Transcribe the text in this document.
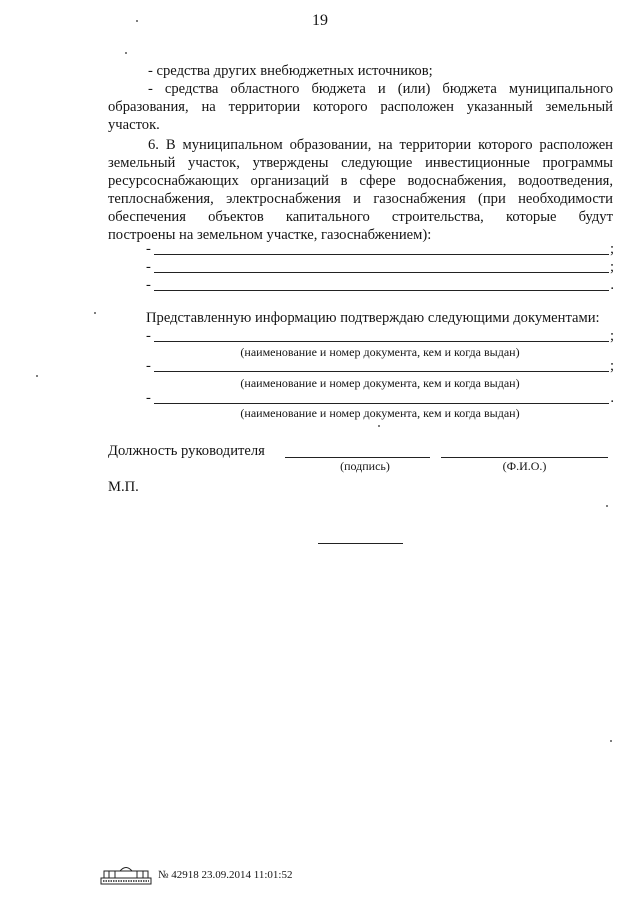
19
- средства других внебюджетных источников;
- средства областного бюджета и (или) бюджета муниципального
образования, на территории которого расположен указанный земельный
участок.
6. В муниципальном образовании, на территории которого расположен
земельный участок, утверждены следующие инвестиционные программы
ресурсоснабжающих организаций в сфере водоснабжения, водоотведения,
теплоснабжения, электроснабжения и газоснабжения (при необходимости
обеспечения объектов капитального строительства, которые будут
построены на земельном участке, газоснабжением):
-	;
-	;
-	.
Представленную информацию подтверждаю следующими документами:
-	;
(наименование и номер документа, кем и когда выдан)
-	;
(наименование и номер документа, кем и когда выдан)
-	.
(наименование и номер документа, кем и когда выдан)
Должность руководителя
(подпись)	(Ф.И.О.)
М.П.
№ 42918 23.09.2014 11:01:52
